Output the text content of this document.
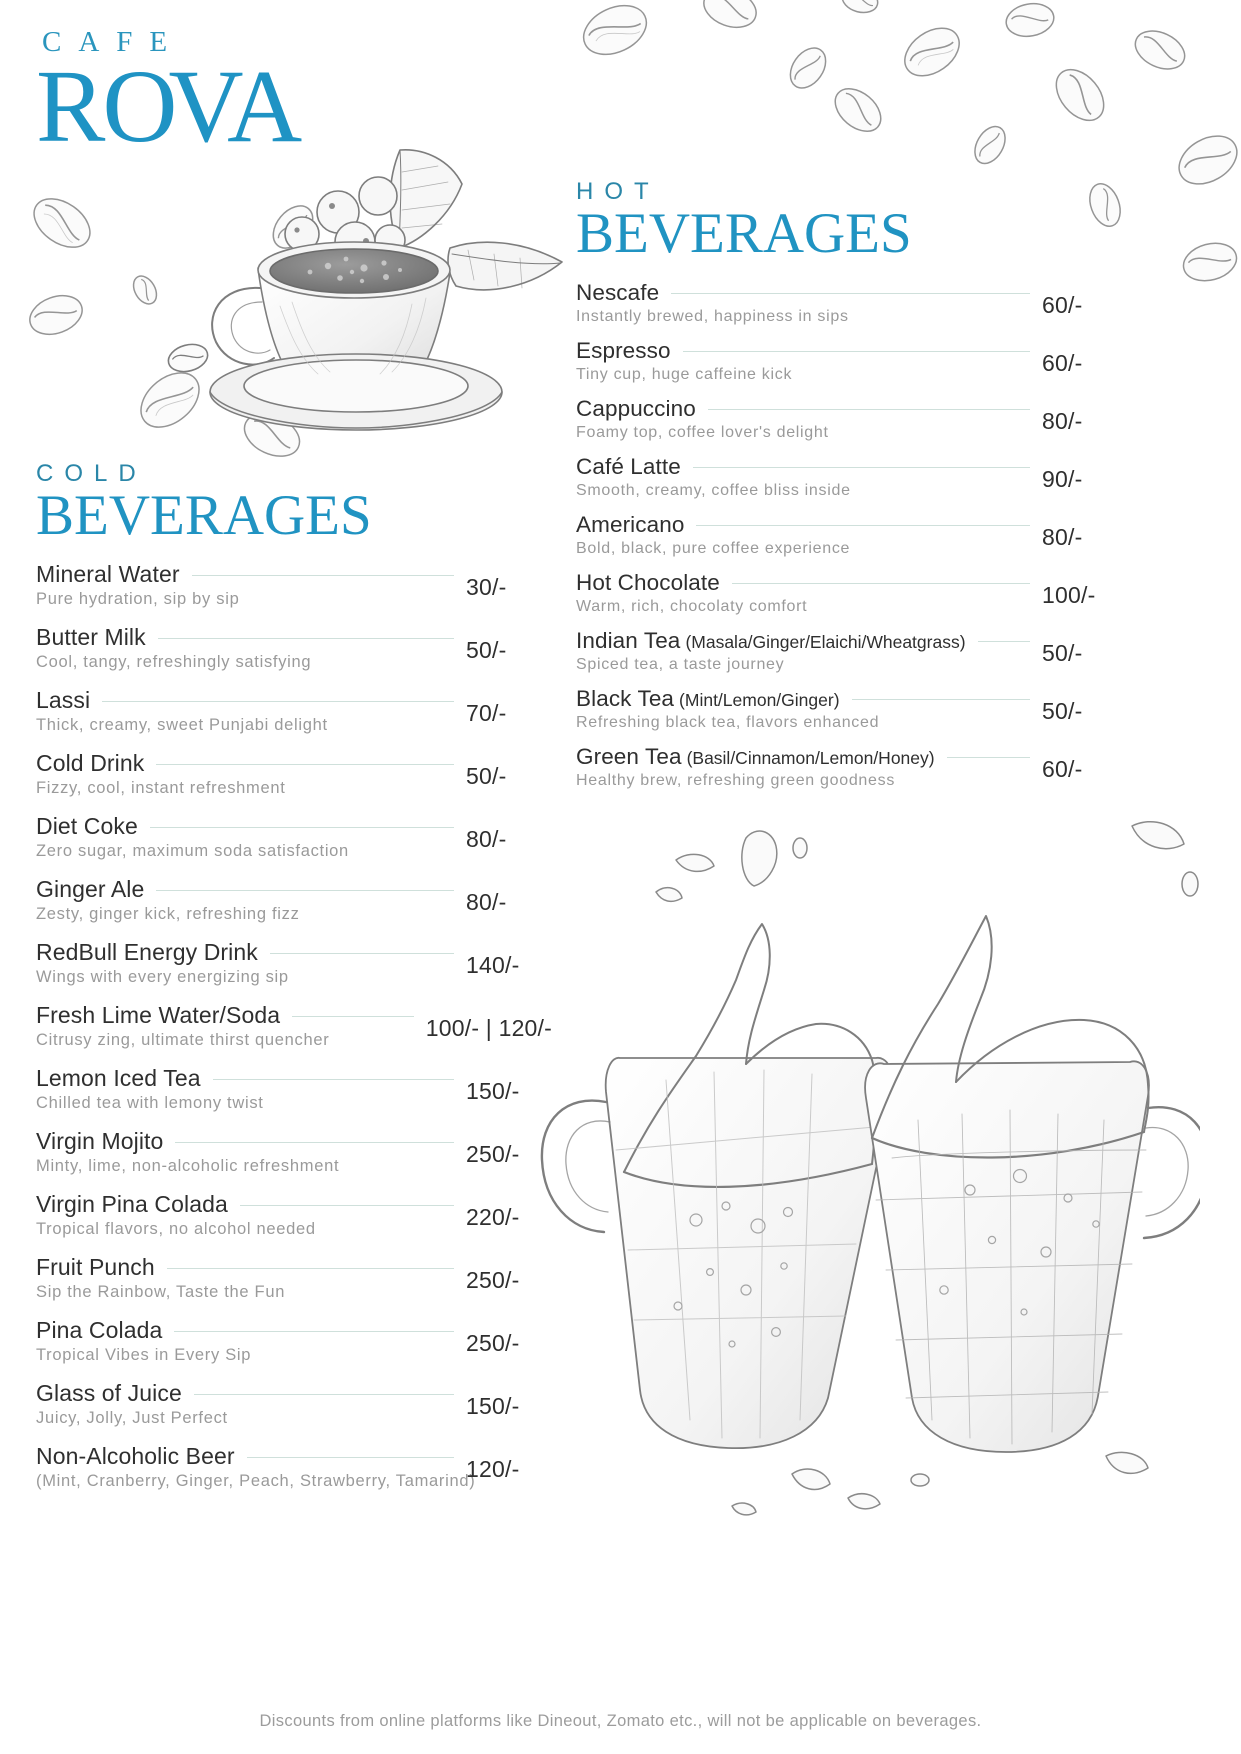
CAFE
ROVA
COLD
BEVERAGES
Mineral Water	30/-
Pure hydration, sip by sip
Butter Milk	50/-
Cool, tangy, refreshingly satisfying
Lassi	70/-
Thick, creamy, sweet Punjabi delight
Cold Drink	50/-
Fizzy, cool, instant refreshment
Diet Coke	80/-
Zero sugar, maximum soda satisfaction
Ginger Ale	80/-
Zesty, ginger kick, refreshing fizz
RedBull Energy Drink	140/-
Wings with every energizing sip
Fresh Lime Water/Soda	100/- | 120/-
Citrusy zing, ultimate thirst quencher
Lemon Iced Tea	150/-
Chilled tea with lemony twist
Virgin Mojito	250/-
Minty, lime, non-alcoholic refreshment
Virgin Pina Colada	220/-
Tropical flavors, no alcohol needed
Fruit Punch	250/-
Sip the Rainbow, Taste the Fun
Pina Colada	250/-
Tropical Vibes in Every Sip
Glass of Juice	150/-
Juicy, Jolly, Just Perfect
Non-Alcoholic Beer	120/-
(Mint, Cranberry, Ginger, Peach, Strawberry, Tamarind)
HOT
BEVERAGES
Nescafe	60/-
Instantly brewed, happiness in sips
Espresso	60/-
Tiny cup, huge caffeine kick
Cappuccino	80/-
Foamy top, coffee lover's delight
Café Latte	90/-
Smooth, creamy, coffee bliss inside
Americano	80/-
Bold, black, pure coffee experience
Hot Chocolate	100/-
Warm, rich, chocolaty comfort
Indian Tea (Masala/Ginger/Elaichi/Wheatgrass)	50/-
Spiced tea, a taste journey
Black Tea (Mint/Lemon/Ginger)	50/-
Refreshing black tea, flavors enhanced
Green Tea (Basil/Cinnamon/Lemon/Honey)	60/-
Healthy brew, refreshing green goodness
Discounts from online platforms like Dineout, Zomato etc., will not be applicable on beverages.
